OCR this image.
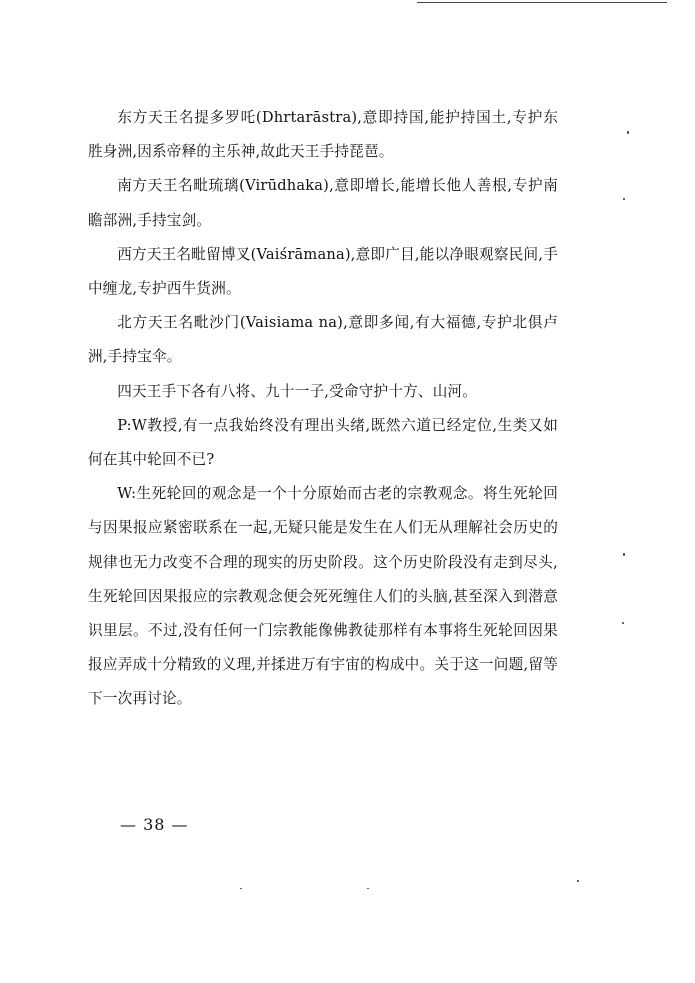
东方天王名提多罗吒(Dhrtarāstra),意即持国,能护持国土,专护东胜身洲,因系帝释的主乐神,故此天王手持琵琶。

南方天王名毗琉璃(Virūdhaka),意即增长,能增长他人善根,专护南瞻部洲,手持宝剑。

西方天王名毗留博叉(Vaiśrāmana),意即广目,能以净眼观察民间,手中缠龙,专护西牛货洲。

北方天王名毗沙门(Vaisiama na),意即多闻,有大福德,专护北俱卢洲,手持宝伞。

四天王手下各有八将、九十一子,受命守护十方、山河。

P:W教授,有一点我始终没有理出头绪,既然六道已经定位,生类又如何在其中轮回不已?

W:生死轮回的观念是一个十分原始而古老的宗教观念。将生死轮回与因果报应紧密联系在一起,无疑只能是发生在人们无从理解社会历史的规律也无力改变不合理的现实的历史阶段。这个历史阶段没有走到尽头,生死轮回因果报应的宗教观念便会死死缠住人们的头脑,甚至深入到潜意识里层。不过,没有任何一门宗教能像佛教徒那样有本事将生死轮回因果报应弄成十分精致的义理,并揉进万有宇宙的构成中。关于这一问题,留等下一次再讨论。

— 38 —
